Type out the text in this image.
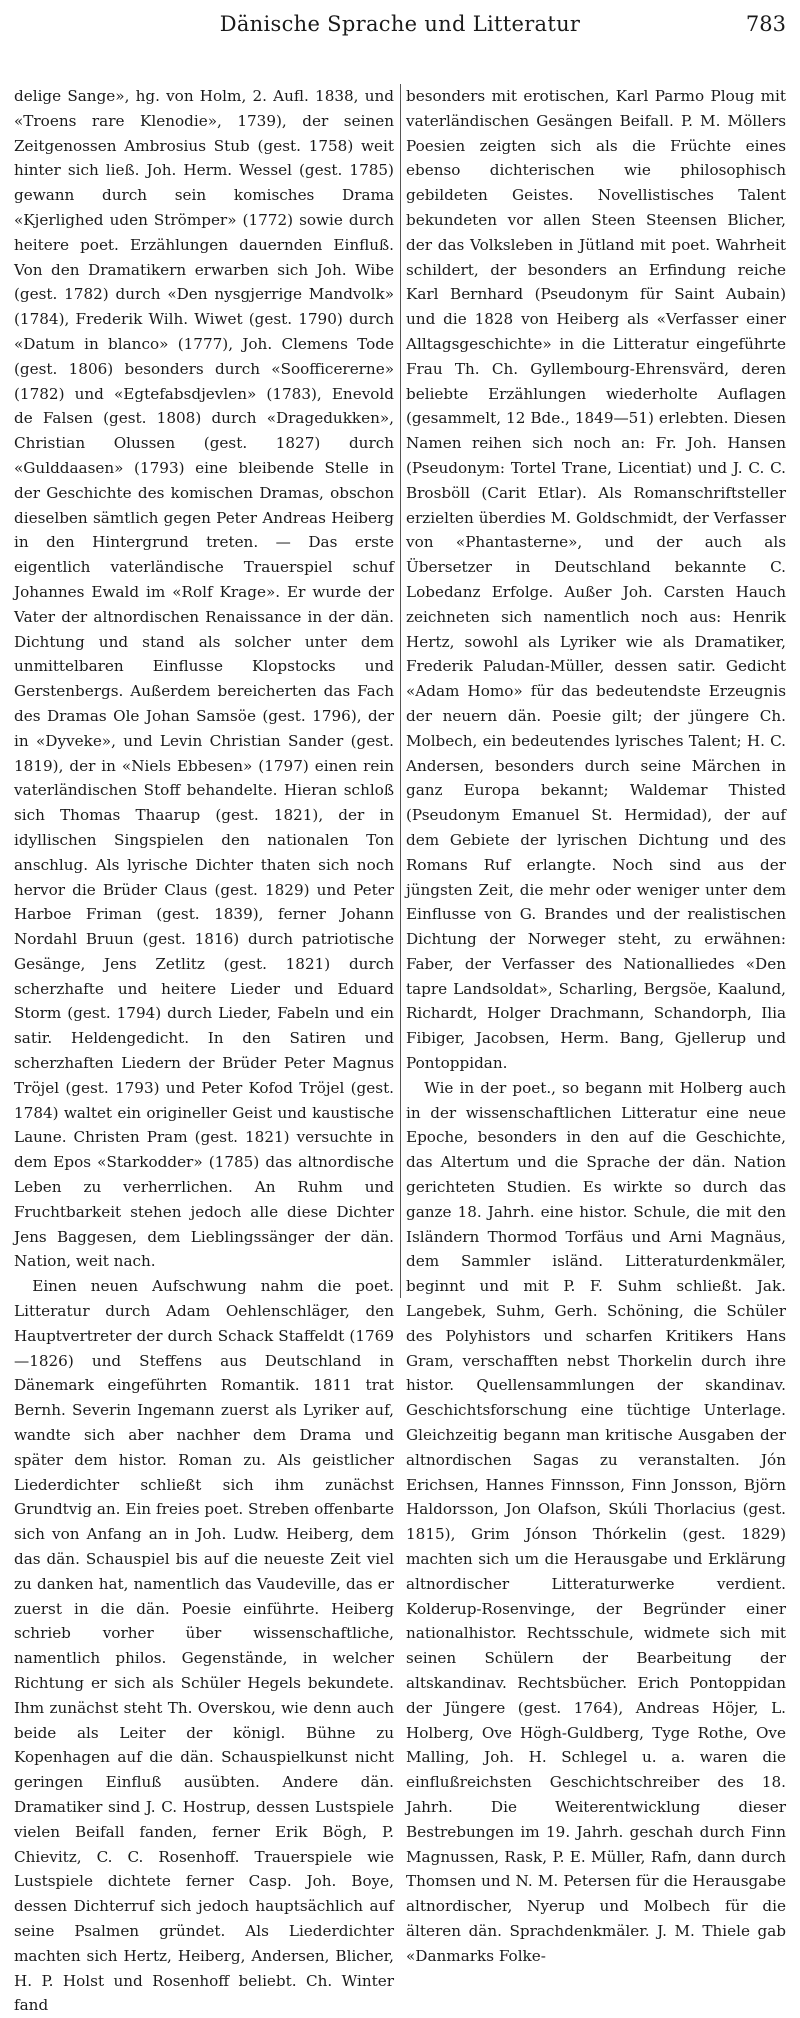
Dänische Sprache und Litteratur	783

delige Sange», hg. von Holm, 2. Aufl. 1838, und «Troens rare Klenodie», 1739), der seinen Zeitgenossen Ambrosius Stub (gest. 1758) weit hinter sich ließ. Joh. Herm. Wessel (gest. 1785) gewann durch sein komisches Drama «Kjerlighed uden Strömper» (1772) sowie durch heitere poet. Erzählungen dauernden Einfluß. Von den Dramatikern erwarben sich Joh. Wibe (gest. 1782) durch «Den nysgjerrige Mandvolk» (1784), Frederik Wilh. Wiwet (gest. 1790) durch «Datum in blanco» (1777), Joh. Clemens Tode (gest. 1806) besonders durch «Soofficererne» (1782) und «Egtefabsdjevlen» (1783), Enevold de Falsen (gest. 1808) durch «Dragedukken», Christian Olussen (gest. 1827) durch «Gulddaasen» (1793) eine bleibende Stelle in der Geschichte des komischen Dramas, obschon dieselben sämtlich gegen Peter Andreas Heiberg in den Hintergrund treten. — Das erste eigentlich vaterländische Trauerspiel schuf Johannes Ewald im «Rolf Krage». Er wurde der Vater der altnordischen Renaissance in der dän. Dichtung und stand als solcher unter dem unmittelbaren Einflusse Klopstocks und Gerstenbergs. Außerdem bereicherten das Fach des Dramas Ole Johan Samsöe (gest. 1796), der in «Dyveke», und Levin Christian Sander (gest. 1819), der in «Niels Ebbesen» (1797) einen rein vaterländischen Stoff behandelte. Hieran schloß sich Thomas Thaarup (gest. 1821), der in idyllischen Singspielen den nationalen Ton anschlug. Als lyrische Dichter thaten sich noch hervor die Brüder Claus (gest. 1829) und Peter Harboe Friman (gest. 1839), ferner Johann Nordahl Bruun (gest. 1816) durch patriotische Gesänge, Jens Zetlitz (gest. 1821) durch scherzhafte und heitere Lieder und Eduard Storm (gest. 1794) durch Lieder, Fabeln und ein satir. Heldengedicht. In den Satiren und scherzhaften Liedern der Brüder Peter Magnus Tröjel (gest. 1793) und Peter Kofod Tröjel (gest. 1784) waltet ein origineller Geist und kaustische Laune. Christen Pram (gest. 1821) versuchte in dem Epos «Starkodder» (1785) das altnordische Leben zu verherrlichen. An Ruhm und Fruchtbarkeit stehen jedoch alle diese Dichter Jens Baggesen, dem Lieblingssänger der dän. Nation, weit nach.

Einen neuen Aufschwung nahm die poet. Litteratur durch Adam Oehlenschläger, den Hauptvertreter der durch Schack Staffeldt (1769—1826) und Steffens aus Deutschland in Dänemark eingeführten Romantik. 1811 trat Bernh. Severin Ingemann zuerst als Lyriker auf, wandte sich aber nachher dem Drama und später dem histor. Roman zu. Als geistlicher Liederdichter schließt sich ihm zunächst Grundtvig an. Ein freies poet. Streben offenbarte sich von Anfang an in Joh. Ludw. Heiberg, dem das dän. Schauspiel bis auf die neueste Zeit viel zu danken hat, namentlich das Vaudeville, das er zuerst in die dän. Poesie einführte. Heiberg schrieb vorher über wissenschaftliche, namentlich philos. Gegenstände, in welcher Richtung er sich als Schüler Hegels bekundete. Ihm zunächst steht Th. Overskou, wie denn auch beide als Leiter der königl. Bühne zu Kopenhagen auf die dän. Schauspielkunst nicht geringen Einfluß ausübten. Andere dän. Dramatiker sind J. C. Hostrup, dessen Lustspiele vielen Beifall fanden, ferner Erik Bögh, P. Chievitz, C. C. Rosenhoff. Trauerspiele wie Lustspiele dichtete ferner Casp. Joh. Boye, dessen Dichterruf sich jedoch hauptsächlich auf seine Psalmen gründet. Als Liederdichter machten sich Hertz, Heiberg, Andersen, Blicher, H. P. Holst und Rosenhoff beliebt. Ch. Winter fand

besonders mit erotischen, Karl Parmo Ploug mit vaterländischen Gesängen Beifall. P. M. Möllers Poesien zeigten sich als die Früchte eines ebenso dichterischen wie philosophisch gebildeten Geistes. Novellistisches Talent bekundeten vor allen Steen Steensen Blicher, der das Volksleben in Jütland mit poet. Wahrheit schildert, der besonders an Erfindung reiche Karl Bernhard (Pseudonym für Saint Aubain) und die 1828 von Heiberg als «Verfasser einer Alltagsgeschichte» in die Litteratur eingeführte Frau Th. Ch. Gyllembourg-Ehrensvärd, deren beliebte Erzählungen wiederholte Auflagen (gesammelt, 12 Bde., 1849—51) erlebten. Diesen Namen reihen sich noch an: Fr. Joh. Hansen (Pseudonym: Tortel Trane, Licentiat) und J. C. C. Brosböll (Carit Etlar). Als Romanschriftsteller erzielten überdies M. Goldschmidt, der Verfasser von «Phantasterne», und der auch als Übersetzer in Deutschland bekannte C. Lobedanz Erfolge. Außer Joh. Carsten Hauch zeichneten sich namentlich noch aus: Henrik Hertz, sowohl als Lyriker wie als Dramatiker, Frederik Paludan-Müller, dessen satir. Gedicht «Adam Homo» für das bedeutendste Erzeugnis der neuern dän. Poesie gilt; der jüngere Ch. Molbech, ein bedeutendes lyrisches Talent; H. C. Andersen, besonders durch seine Märchen in ganz Europa bekannt; Waldemar Thisted (Pseudonym Emanuel St. Hermidad), der auf dem Gebiete der lyrischen Dichtung und des Romans Ruf erlangte. Noch sind aus der jüngsten Zeit, die mehr oder weniger unter dem Einflusse von G. Brandes und der realistischen Dichtung der Norweger steht, zu erwähnen: Faber, der Verfasser des Nationalliedes «Den tapre Landsoldat», Scharling, Bergsöe, Kaalund, Richardt, Holger Drachmann, Schandorph, Ilia Fibiger, Jacobsen, Herm. Bang, Gjellerup und Pontoppidan.

Wie in der poet., so begann mit Holberg auch in der wissenschaftlichen Litteratur eine neue Epoche, besonders in den auf die Geschichte, das Altertum und die Sprache der dän. Nation gerichteten Studien. Es wirkte so durch das ganze 18. Jahrh. eine histor. Schule, die mit den Isländern Thormod Torfäus und Arni Magnäus, dem Sammler isländ. Litteraturdenkmäler, beginnt und mit P. F. Suhm schließt. Jak. Langebek, Suhm, Gerh. Schöning, die Schüler des Polyhistors und scharfen Kritikers Hans Gram, verschafften nebst Thorkelin durch ihre histor. Quellensammlungen der skandinav. Geschichtsforschung eine tüchtige Unterlage. Gleichzeitig begann man kritische Ausgaben der altnordischen Sagas zu veranstalten. Jón Erichsen, Hannes Finnsson, Finn Jonsson, Björn Haldorsson, Jon Olafson, Skúli Thorlacius (gest. 1815), Grim Jónson Thórkelin (gest. 1829) machten sich um die Herausgabe und Erklärung altnordischer Litteraturwerke verdient. Kolderup-Rosenvinge, der Begründer einer nationalhistor. Rechtsschule, widmete sich mit seinen Schülern der Bearbeitung der altskandinav. Rechtsbücher. Erich Pontoppidan der Jüngere (gest. 1764), Andreas Höjer, L. Holberg, Ove Högh-Guldberg, Tyge Rothe, Ove Malling, Joh. H. Schlegel u. a. waren die einflußreichsten Geschichtschreiber des 18. Jahrh. Die Weiterentwicklung dieser Bestrebungen im 19. Jahrh. geschah durch Finn Magnussen, Rask, P. E. Müller, Rafn, dann durch Thomsen und N. M. Petersen für die Herausgabe altnordischer, Nyerup und Molbech für die älteren dän. Sprachdenkmäler. J. M. Thiele gab «Danmarks Folke-
